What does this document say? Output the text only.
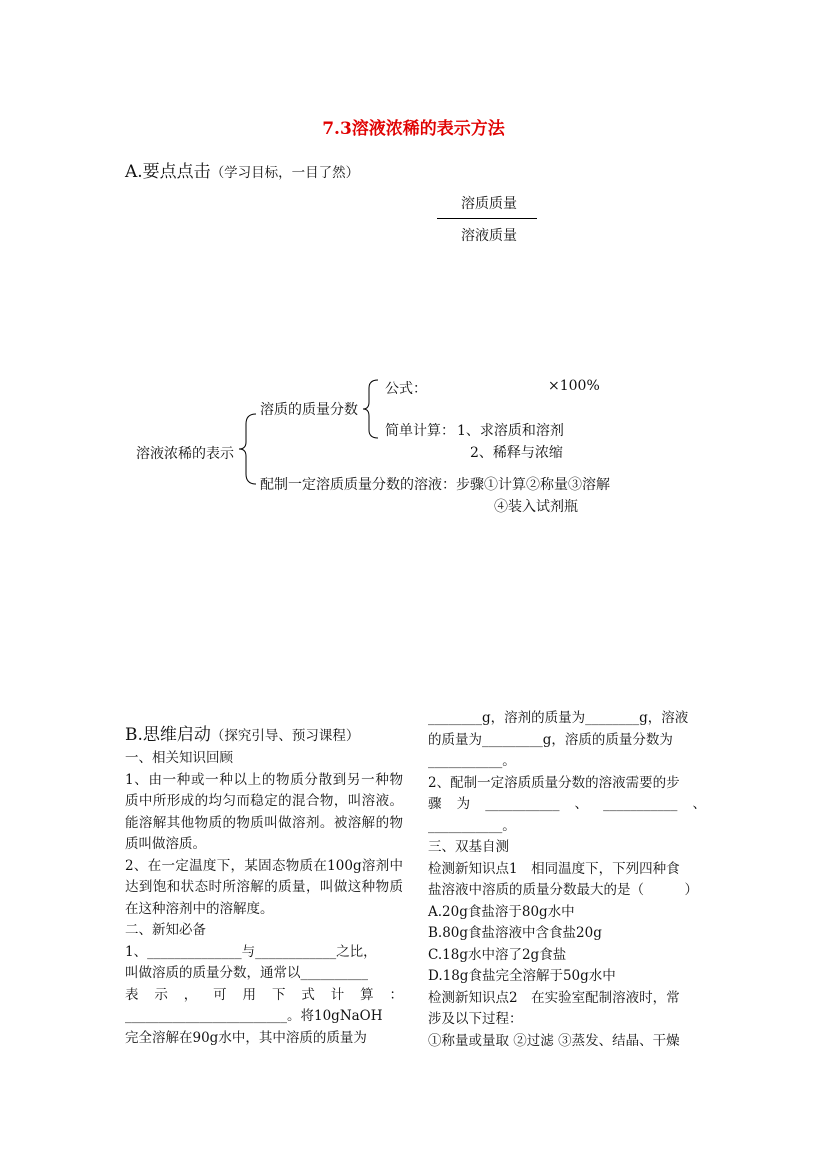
7.3溶液浓稀的表示方法
A.要点点击（学习目标，一目了然）
溶质质量
溶液质量
溶液浓稀的表示
溶质的质量分数
公式：	×100%
简单计算： 1、求溶质和溶剂
2、稀释与浓缩
配制一定溶质质量分数的溶液：步骤①计算②称量③溶解
④装入试剂瓶
B.思维启动（探究引导、预习课程）

一、相关知识回顾

1、由一种或一种以上的物质分散到另一种物质中所形成的均匀而稳定的混合物，叫溶液。能溶解其他物质的物质叫做溶剂。被溶解的物质叫做溶质。

2、在一定温度下，某固态物质在100g溶剂中达到饱和状态时所溶解的质量，叫做这种物质在这种溶剂中的溶解度。

二、新知必备

1、______________与____________之比，

叫做溶质的质量分数，通常以__________

表示，可用下式计算：

________________________。将10gNaOH

完全溶解在90g水中，其中溶质的质量为

________g，溶剂的质量为________g，溶液

的质量为_________g，溶质的质量分数为

___________。

2、配制一定溶质质量分数的溶液需要的步

骤为___________、___________、

___________。

三、双基自测

检测新知识点1　相同温度下，下列四种食

盐溶液中溶质的质量分数最大的是（　　　）

A.20g食盐溶于80g水中

B.80g食盐溶液中含食盐20g

C.18g水中溶了2g食盐

D.18g食盐完全溶解于50g水中

检测新知识点2　在实验室配制溶液时，常

涉及以下过程：

①称量或量取 ②过滤 ③蒸发、结晶、干燥
